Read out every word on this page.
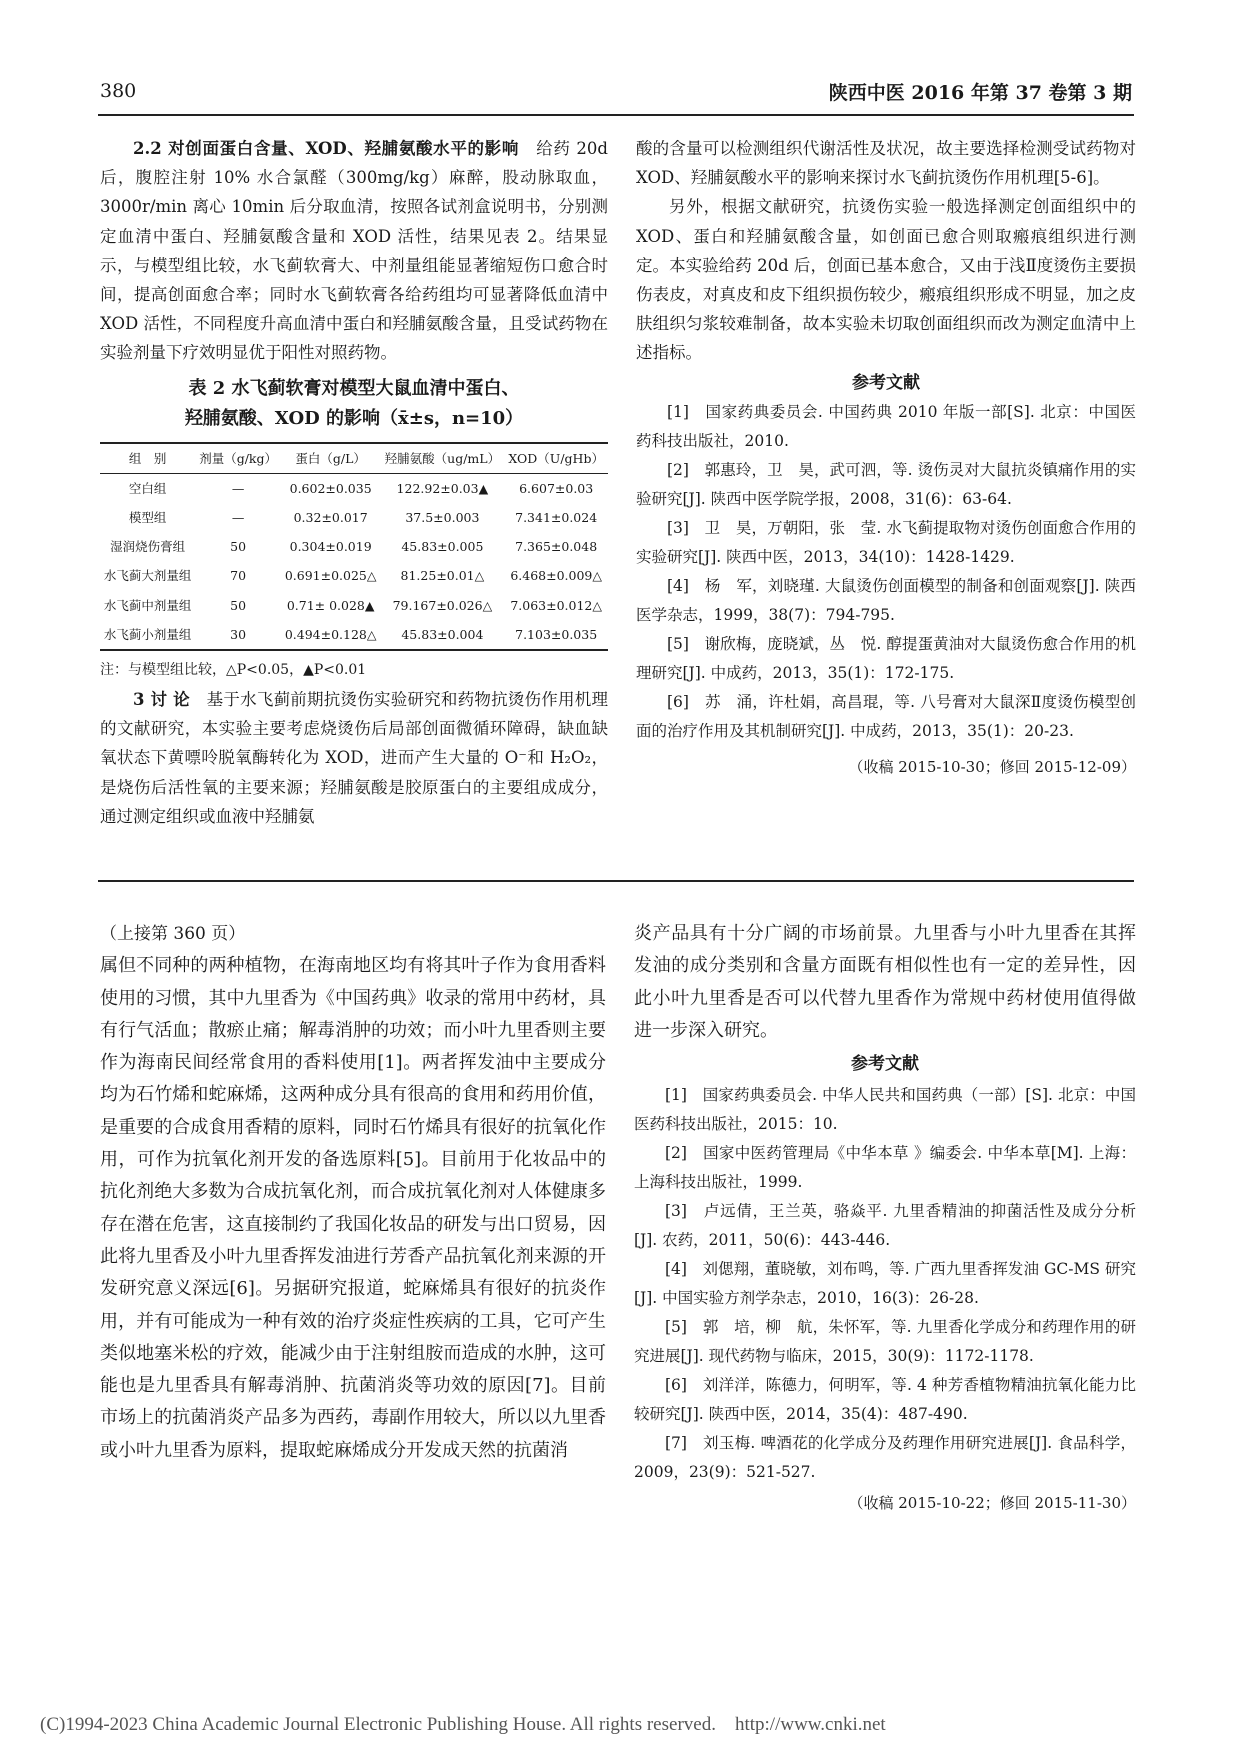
380	陕西中医 2016 年第 37 卷第 3 期

2.2 对创面蛋白含量、XOD、羟脯氨酸水平的影响　 给药 20d 后，腹腔注射 10% 水合氯醛（300mg/kg）麻醉，股动脉取血，3000r/min 离心 10min 后分取血清，按照各试剂盒说明书，分别测定血清中蛋白、羟脯氨酸含量和 XOD 活性，结果见表 2。结果显示，与模型组比较，水飞蓟软膏大、中剂量组能显著缩短伤口愈合时间，提高创面愈合率；同时水飞蓟软膏各给药组均可显著降低血清中 XOD 活性，不同程度升高血清中蛋白和羟脯氨酸含量，且受试药物在实验剂量下疗效明显优于阳性对照药物。

表 2 水飞蓟软膏对模型大鼠血清中蛋白、
羟脯氨酸、XOD 的影响（x̄±s，n=10）
组　别	剂量（g/kg）	蛋白（g/L）	羟脯氨酸（ug/mL）	XOD（U/gHb）
空白组	—	0.602±0.035	122.92±0.03▲	6.607±0.03
模型组	—	0.32±0.017	37.5±0.003	7.341±0.024
湿润烧伤膏组	50	0.304±0.019	45.83±0.005	7.365±0.048
水飞蓟大剂量组	70	0.691±0.025△	81.25±0.01△	6.468±0.009△
水飞蓟中剂量组	50	0.71± 0.028▲	79.167±0.026△	7.063±0.012△
水飞蓟小剂量组	30	0.494±0.128△	45.83±0.004	7.103±0.035
注：与模型组比较，△P<0.05，▲P<0.01

3 讨 论　 基于水飞蓟前期抗烫伤实验研究和药物抗烫伤作用机理的文献研究，本实验主要考虑烧烫伤后局部创面微循环障碍，缺血缺氧状态下黄嘌呤脱氧酶转化为 XOD，进而产生大量的 O⁻和 H₂O₂，是烧伤后活性氧的主要来源；羟脯氨酸是胶原蛋白的主要组成成分，通过测定组织或血液中羟脯氨

酸的含量可以检测组织代谢活性及状况，故主要选择检测受试药物对 XOD、羟脯氨酸水平的影响来探讨水飞蓟抗烫伤作用机理[5-6]。

另外，根据文献研究，抗烫伤实验一般选择测定创面组织中的 XOD、蛋白和羟脯氨酸含量，如创面已愈合则取瘢痕组织进行测定。本实验给药 20d 后，创面已基本愈合，又由于浅Ⅱ度烫伤主要损伤表皮，对真皮和皮下组织损伤较少，瘢痕组织形成不明显，加之皮肤组织匀浆较难制备，故本实验未切取创面组织而改为测定血清中上述指标。

参考文献

[1]　国家药典委员会. 中国药典 2010 年版一部[S]. 北京：中国医药科技出版社，2010.

[2]　郭惠玲，卫　昊，武可泗，等. 烫伤灵对大鼠抗炎镇痛作用的实验研究[J]. 陕西中医学院学报，2008，31(6)：63-64.

[3]　卫　昊，万朝阳，张　莹. 水飞蓟提取物对烫伤创面愈合作用的实验研究[J]. 陕西中医，2013，34(10)：1428-1429.

[4]　杨　军，刘晓瑾. 大鼠烫伤创面模型的制备和创面观察[J]. 陕西医学杂志，1999，38(7)：794-795.

[5]　谢欣梅，庞晓斌，丛　悦. 醇提蛋黄油对大鼠烫伤愈合作用的机理研究[J]. 中成药，2013，35(1)：172-175.

[6]　苏　涌，许杜娟，高昌琨，等. 八号膏对大鼠深Ⅱ度烫伤模型创面的治疗作用及其机制研究[J]. 中成药，2013，35(1)：20-23.

（收稿 2015-10-30；修回 2015-12-09）
（上接第 360 页）

属但不同种的两种植物，在海南地区均有将其叶子作为食用香料使用的习惯，其中九里香为《中国药典》收录的常用中药材，具有行气活血；散瘀止痛；解毒消肿的功效；而小叶九里香则主要作为海南民间经常食用的香料使用[1]。两者挥发油中主要成分均为石竹烯和蛇麻烯，这两种成分具有很高的食用和药用价值，是重要的合成食用香精的原料，同时石竹烯具有很好的抗氧化作用，可作为抗氧化剂开发的备选原料[5]。目前用于化妆品中的抗化剂绝大多数为合成抗氧化剂，而合成抗氧化剂对人体健康多存在潜在危害，这直接制约了我国化妆品的研发与出口贸易，因此将九里香及小叶九里香挥发油进行芳香产品抗氧化剂来源的开发研究意义深远[6]。另据研究报道，蛇麻烯具有很好的抗炎作用，并有可能成为一种有效的治疗炎症性疾病的工具，它可产生类似地塞米松的疗效，能减少由于注射组胺而造成的水肿，这可能也是九里香具有解毒消肿、抗菌消炎等功效的原因[7]。目前市场上的抗菌消炎产品多为西药，毒副作用较大，所以以九里香或小叶九里香为原料，提取蛇麻烯成分开发成天然的抗菌消

炎产品具有十分广阔的市场前景。九里香与小叶九里香在其挥发油的成分类别和含量方面既有相似性也有一定的差异性，因此小叶九里香是否可以代替九里香作为常规中药材使用值得做进一步深入研究。

参考文献

[1]　国家药典委员会. 中华人民共和国药典（一部）[S]. 北京：中国医药科技出版社，2015：10.

[2]　国家中医药管理局《中华本草 》编委会. 中华本草[M]. 上海：上海科技出版社，1999.

[3]　卢远倩，王兰英，骆焱平. 九里香精油的抑菌活性及成分分析[J]. 农药，2011，50(6)：443-446.

[4]　刘偲翔，董晓敏，刘布鸣，等. 广西九里香挥发油 GC-MS 研究[J]. 中国实验方剂学杂志，2010，16(3)：26-28.

[5]　郭　培，柳　航，朱怀军，等. 九里香化学成分和药理作用的研究进展[J]. 现代药物与临床，2015，30(9)：1172-1178.

[6]　刘洋洋，陈德力，何明军，等. 4 种芳香植物精油抗氧化能力比较研究[J]. 陕西中医，2014，35(4)：487-490.

[7]　刘玉梅. 啤酒花的化学成分及药理作用研究进展[J]. 食品科学，2009，23(9)：521-527.

（收稿 2015-10-22；修回 2015-11-30）
(C)1994-2023 China Academic Journal Electronic Publishing House. All rights reserved.    http://www.cnki.net
